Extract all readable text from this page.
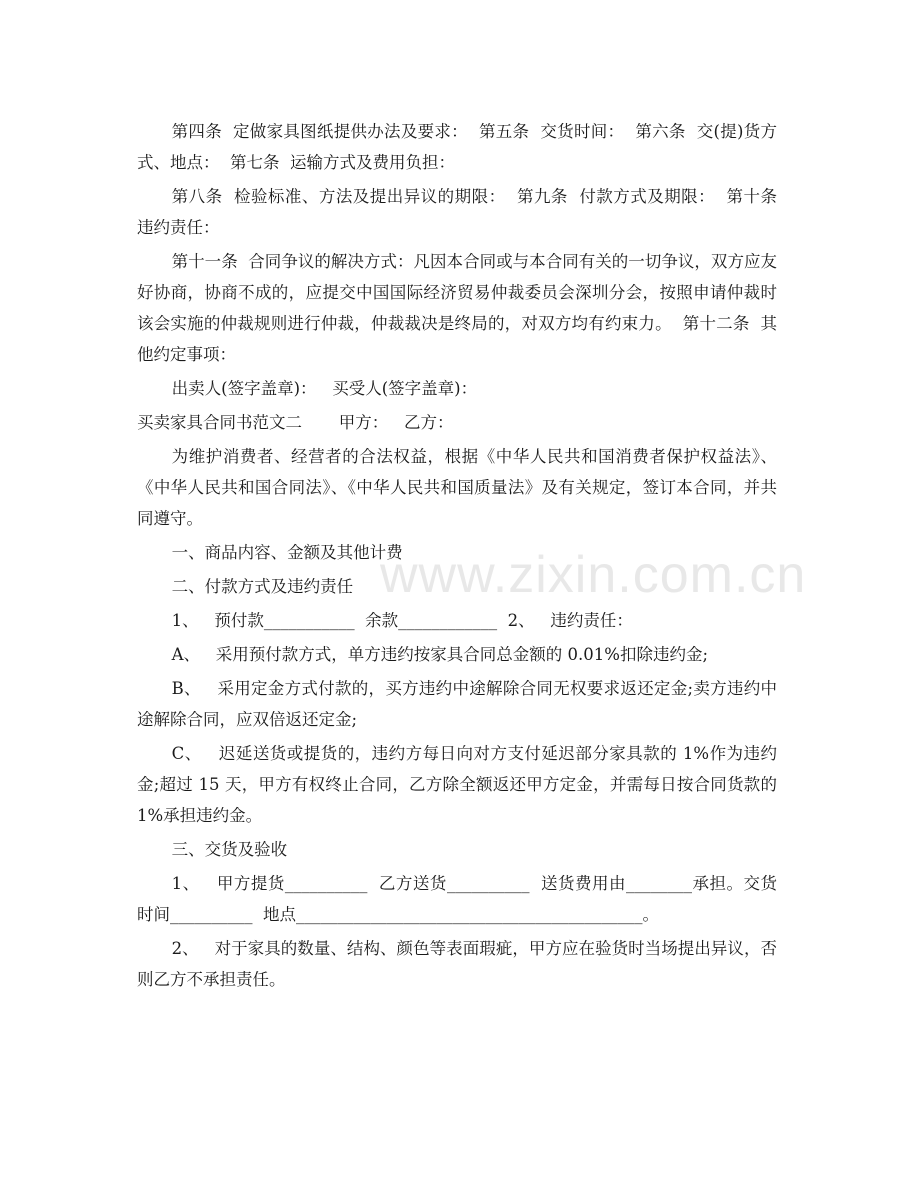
第四条  定做家具图纸提供办法及要求：  第五条  交货时间：  第六条  交(提)货方式、地点：  第七条  运输方式及费用负担：

第八条  检验标准、方法及提出异议的期限：  第九条  付款方式及期限：  第十条  违约责任：

第十一条  合同争议的解决方式：凡因本合同或与本合同有关的一切争议，双方应友好协商，协商不成的，应提交中国国际经济贸易仲裁委员会深圳分会，按照申请仲裁时该会实施的仲裁规则进行仲裁，仲裁裁决是终局的，对双方均有约束力。  第十二条  其他约定事项：

出卖人(签字盖章)：   买受人(签字盖章)：

买卖家具合同书范文二       甲方：   乙方：

为维护消费者、经营者的合法权益，根据《中华人民共和国消费者保护权益法》、《中华人民共和国合同法》、《中华人民共和国质量法》及有关规定，签订本合同，并共同遵守。

一、商品内容、金额及其他计费

二、付款方式及违约责任

1、   预付款___________  余款____________  2、   违约责任：

A、   采用预付款方式，单方违约按家具合同总金额的 0.01%扣除违约金;

B、   采用定金方式付款的，买方违约中途解除合同无权要求返还定金;卖方违约中途解除合同，应双倍返还定金;

C、   迟延送货或提货的，违约方每日向对方支付延迟部分家具款的 1%作为违约金;超过 15 天，甲方有权终止合同，乙方除全额返还甲方定金，并需每日按合同货款的 1%承担违约金。

三、交货及验收

1、   甲方提货__________  乙方送货__________  送货费用由________承担。交货时间__________  地点__________________________________________。

2、   对于家具的数量、结构、颜色等表面瑕疵，甲方应在验货时当场提出异议，否则乙方不承担责任。

www.zixin.com.cn
